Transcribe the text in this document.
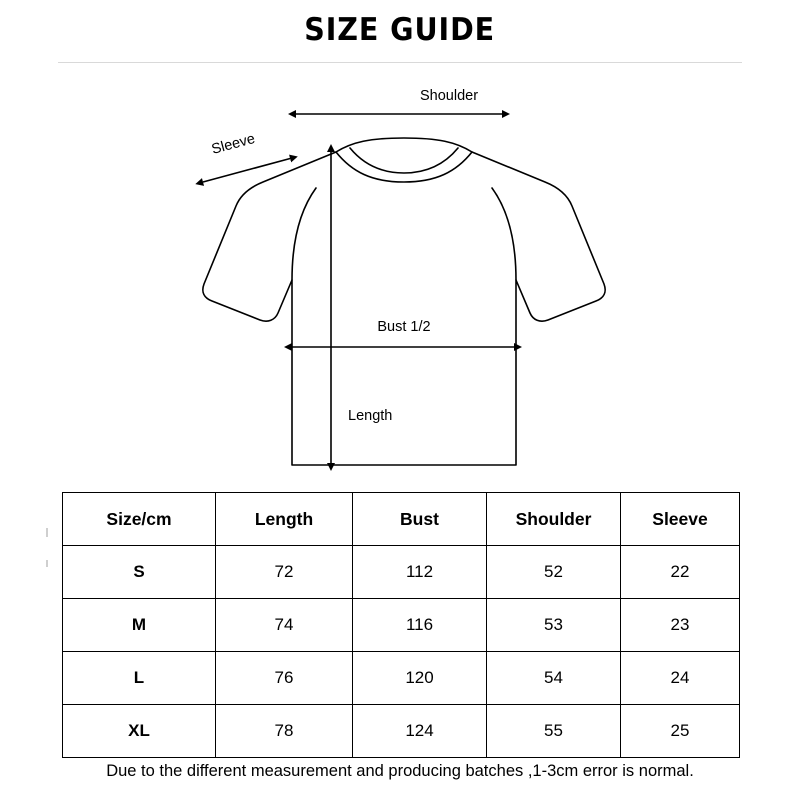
SIZE GUIDE
Shoulder
Sleeve
Bust 1/2
Length
Size/cm	Length	Bust	Shoulder	Sleeve
S	72	112	52	22
M	74	116	53	23
L	76	120	54	24
XL	78	124	55	25
Due to the different measurement and producing batches ,1-3cm error is normal.
